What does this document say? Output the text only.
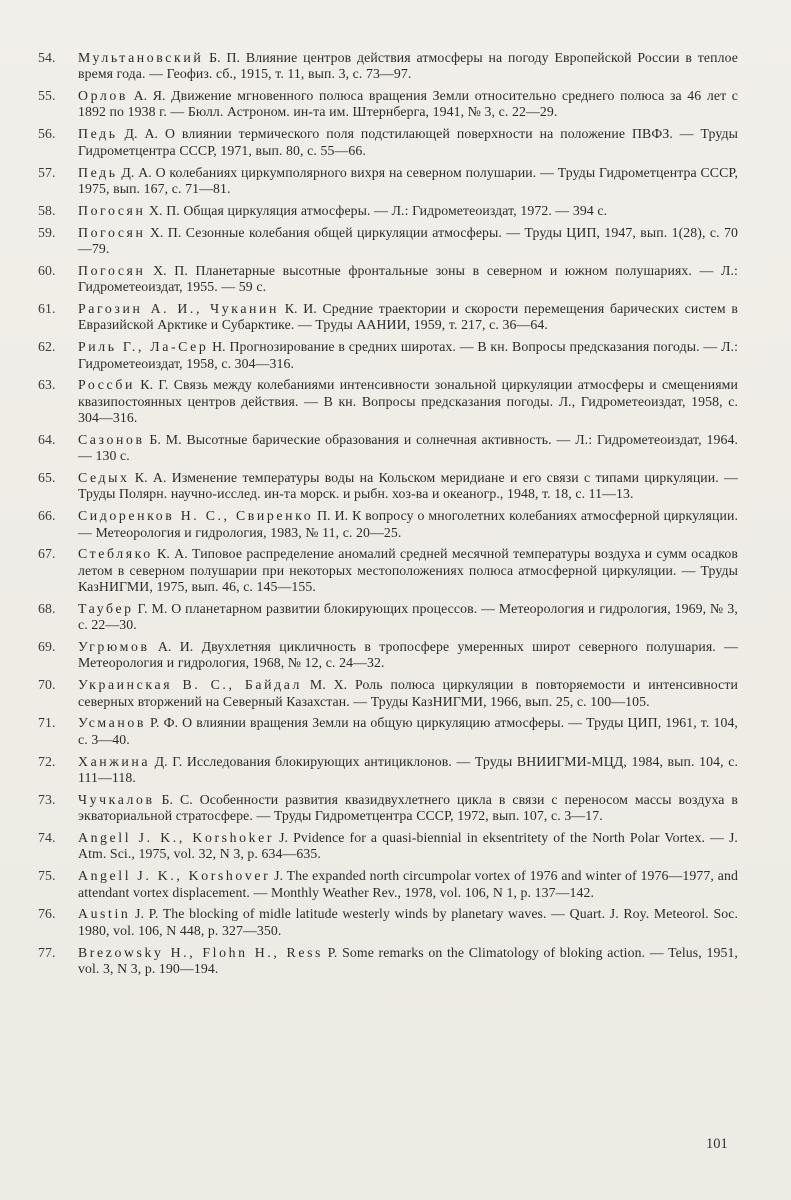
54.	Мультановский Б. П. Влияние центров действия атмосферы на погоду Европейской России в теплое время года. — Геофиз. сб., 1915, т. 11, вып. 3, с. 73—97.
55.	Орлов А. Я. Движение мгновенного полюса вращения Земли относительно среднего полюса за 46 лет с 1892 по 1938 г. — Бюлл. Астроном. ин-та им. Штернберга, 1941, № 3, с. 22—29.
56.	Педь Д. А. О влиянии термического поля подстилающей поверхности на положение ПВФЗ. — Труды Гидрометцентра СССР, 1971, вып. 80, с. 55—66.
57.	Педь Д. А. О колебаниях циркумполярного вихря на северном полушарии. — Труды Гидрометцентра СССР, 1975, вып. 167, с. 71—81.
58.	Погосян Х. П. Общая циркуляция атмосферы. — Л.: Гидрометеоиздат, 1972. — 394 с.
59.	Погосян Х. П. Сезонные колебания общей циркуляции атмосферы. — Труды ЦИП, 1947, вып. 1(28), с. 70—79.
60.	Погосян Х. П. Планетарные высотные фронтальные зоны в северном и южном полушариях. — Л.: Гидрометеоиздат, 1955. — 59 с.
61.	Рагозин А. И., Чуканин К. И. Средние траектории и скорости перемещения барических систем в Евразийской Арктике и Субарктике. — Труды ААНИИ, 1959, т. 217, с. 36—64.
62.	Риль Г., Ла-Сер Н. Прогнозирование в средних широтах. — В кн. Вопросы предсказания погоды. — Л.: Гидрометеоиздат, 1958, с. 304—316.
63.	Россби К. Г. Связь между колебаниями интенсивности зональной циркуляции атмосферы и смещениями квазипостоянных центров действия. — В кн. Вопросы предсказания погоды. Л., Гидрометеоиздат, 1958, с. 304—316.
64.	Сазонов Б. М. Высотные барические образования и солнечная активность. — Л.: Гидрометеоиздат, 1964. — 130 с.
65.	Седых К. А. Изменение температуры воды на Кольском меридиане и его связи с типами циркуляции. — Труды Полярн. научно-исслед. ин-та морск. и рыбн. хоз-ва и океаногр., 1948, т. 18, с. 11—13.
66.	Сидоренков Н. С., Свиренко П. И. К вопросу о многолетних колебаниях атмосферной циркуляции. — Метеорология и гидрология, 1983, № 11, с. 20—25.
67.	Стебляко К. А. Типовое распределение аномалий средней месячной температуры воздуха и сумм осадков летом в северном полушарии при некоторых местоположениях полюса атмосферной циркуляции. — Труды КазНИГМИ, 1975, вып. 46, с. 145—155.
68.	Таубер Г. М. О планетарном развитии блокирующих процессов. — Метеорология и гидрология, 1969, № 3, с. 22—30.
69.	Угрюмов А. И. Двухлетняя цикличность в тропосфере умеренных широт северного полушария. — Метеорология и гидрология, 1968, № 12, с. 24—32.
70.	Украинская В. С., Байдал М. Х. Роль полюса циркуляции в повторяемости и интенсивности северных вторжений на Северный Казахстан. — Труды КазНИГМИ, 1966, вып. 25, с. 100—105.
71.	Усманов Р. Ф. О влиянии вращения Земли на общую циркуляцию атмосферы. — Труды ЦИП, 1961, т. 104, с. 3—40.
72.	Ханжина Д. Г. Исследования блокирующих антициклонов. — Труды ВНИИГМИ-МЦД, 1984, вып. 104, с. 111—118.
73.	Чучкалов Б. С. Особенности развития квазидвухлетнего цикла в связи с переносом массы воздуха в экваториальной стратосфере. — Труды Гидрометцентра СССР, 1972, вып. 107, с. 3—17.
74.	Angell J. K., Korshoker J. Pvidence for a quasi-biennial in eksentritety of the North Polar Vortex. — J. Atm. Sci., 1975, vol. 32, N 3, p. 634—635.
75.	Angell J. K., Korshover J. The expanded north circumpolar vortex of 1976 and winter of 1976—1977, and attendant vortex displacement. — Monthly Weather Rev., 1978, vol. 106, N 1, p. 137—142.
76.	Austin J. P. The blocking of midle latitude westerly winds by planetary waves. — Quart. J. Roy. Meteorol. Soc. 1980, vol. 106, N 448, p. 327—350.
77.	Brezowsky H., Flohn H., Ress P. Some remarks on the Climatology of bloking action. — Telus, 1951, vol. 3, N 3, p. 190—194.
101
